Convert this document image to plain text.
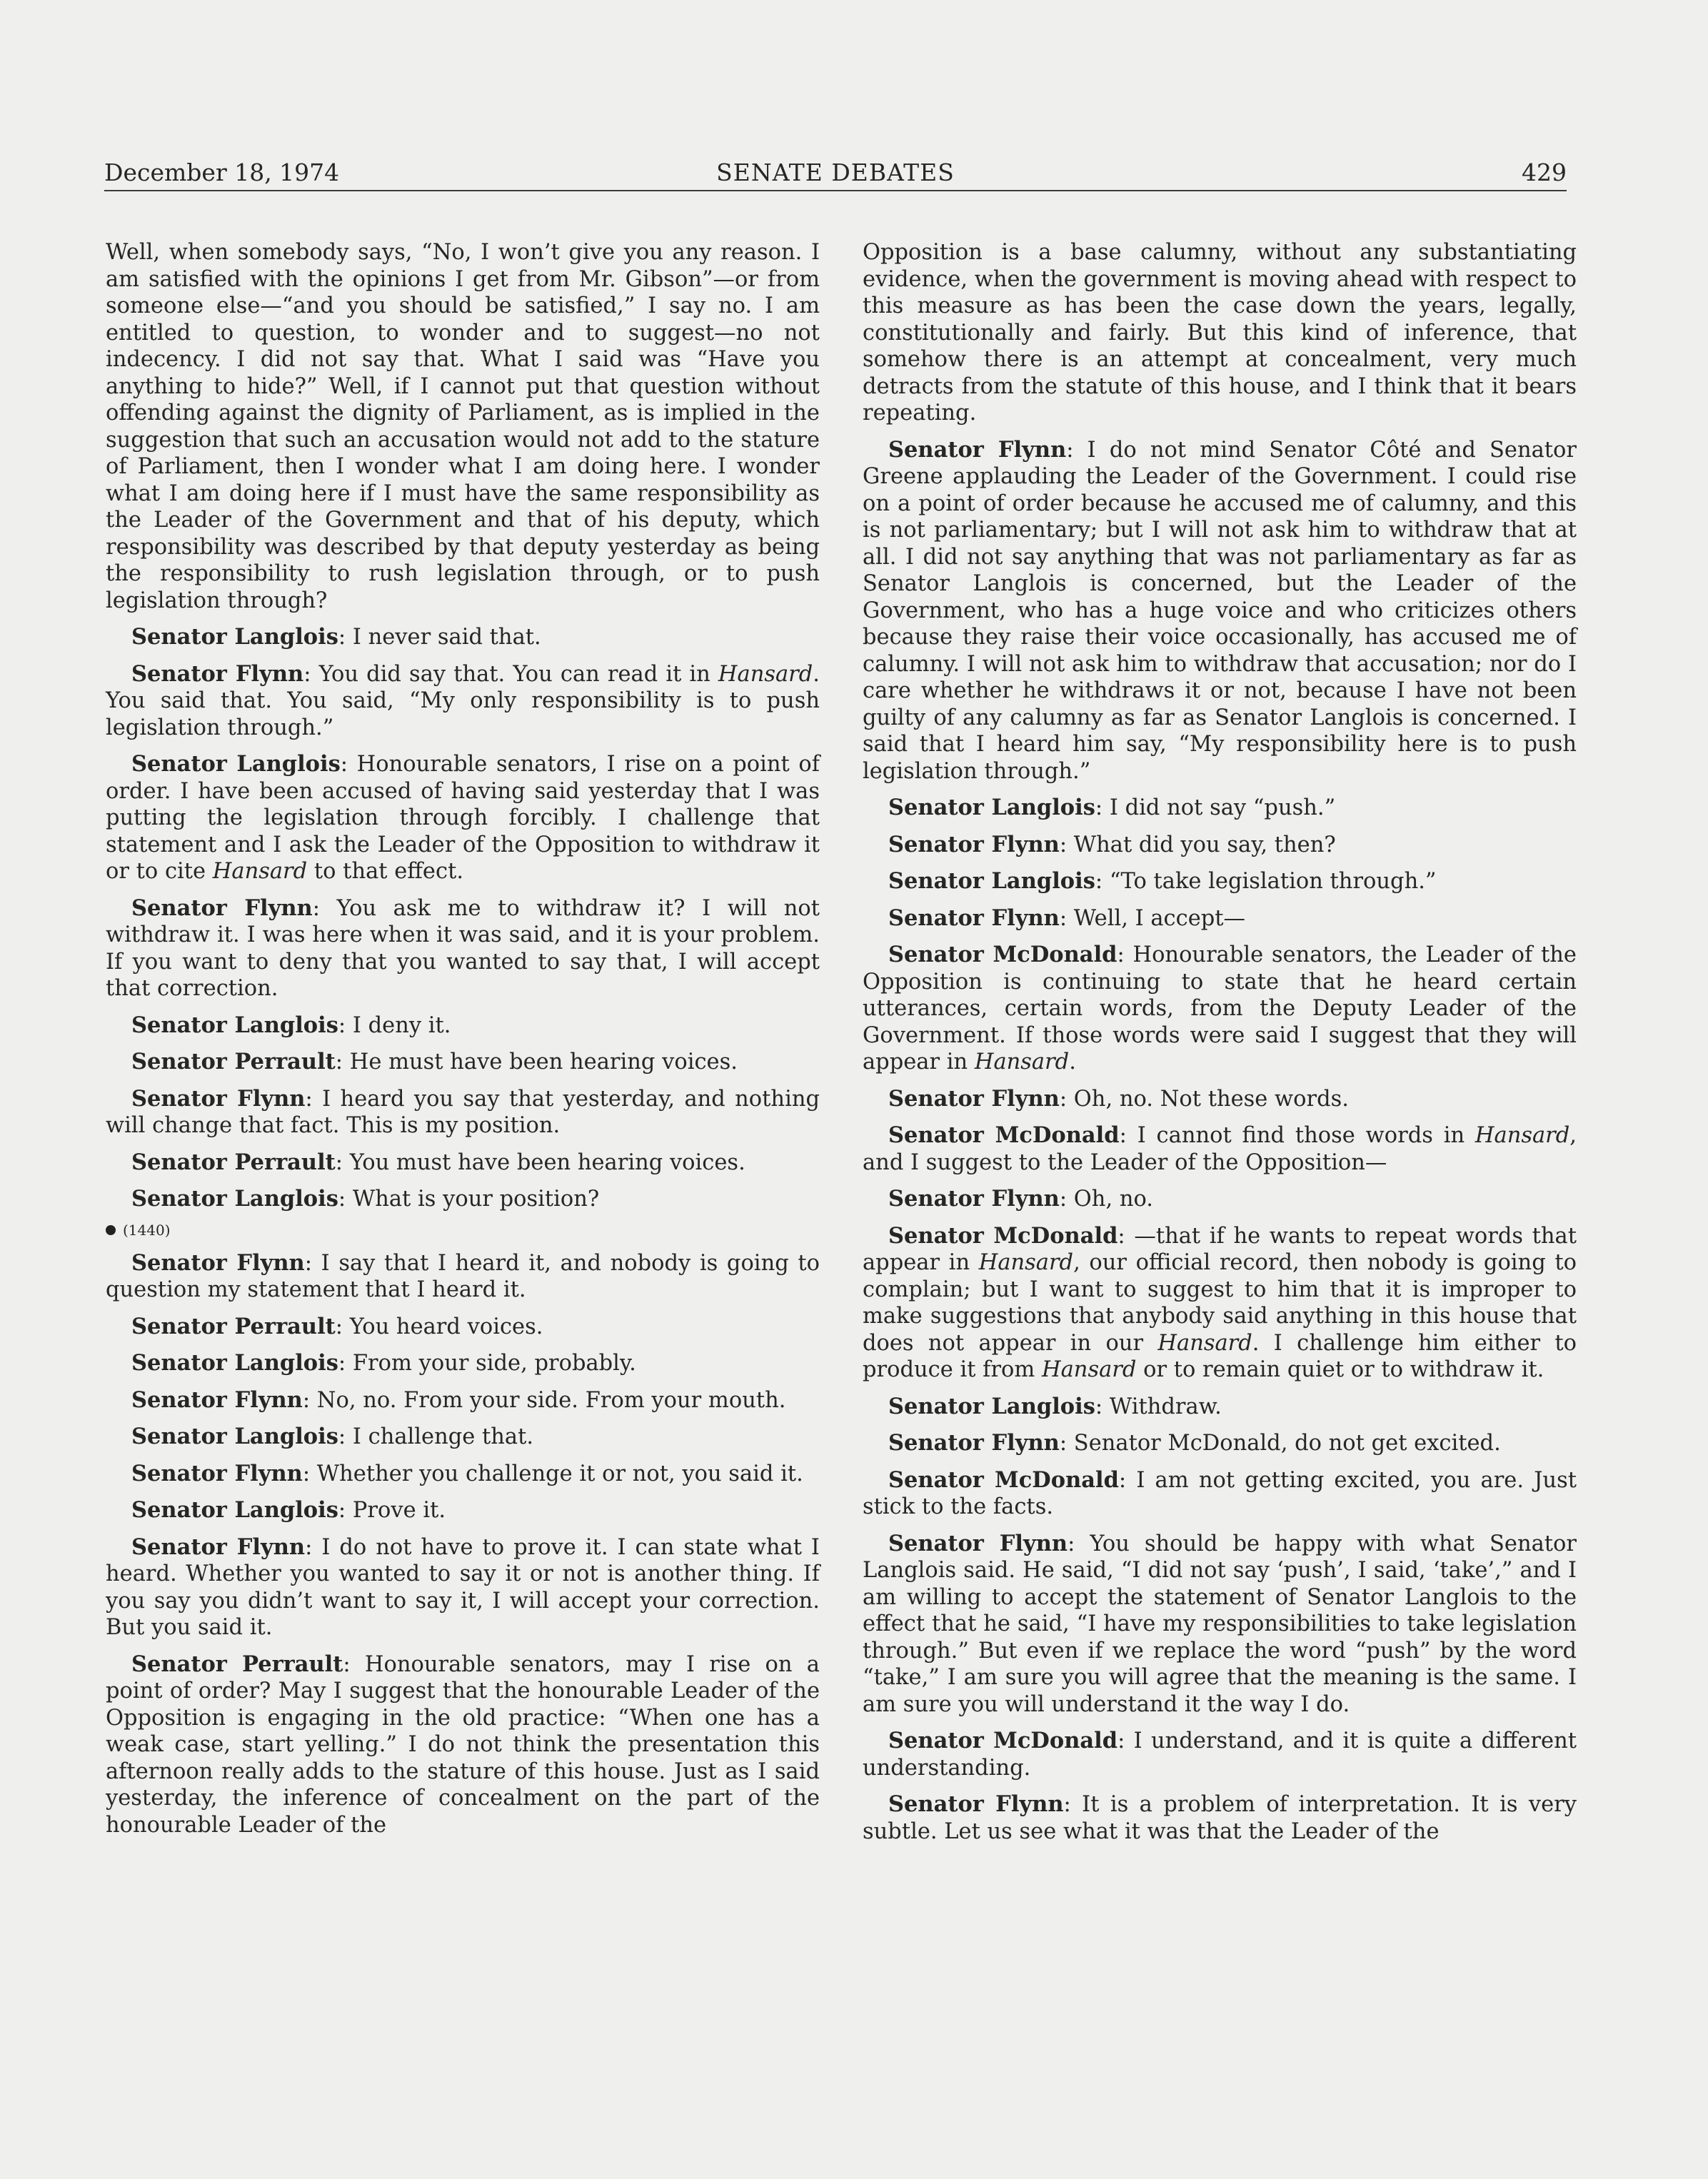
December 18, 1974	SENATE DEBATES	429

Well, when somebody says, “No, I won’t give you any reason. I am satisfied with the opinions I get from Mr. Gibson”—or from someone else—“and you should be satisfied,” I say no. I am entitled to question, to wonder and to suggest—no not indecency. I did not say that. What I said was “Have you anything to hide?” Well, if I cannot put that question without offending against the dignity of Parliament, as is implied in the suggestion that such an accusation would not add to the stature of Parliament, then I wonder what I am doing here. I wonder what I am doing here if I must have the same responsibility as the Leader of the Government and that of his deputy, which responsibility was described by that deputy yesterday as being the responsibility to rush legislation through, or to push legislation through?

Senator Langlois : I never said that.

Senator Flynn : You did say that. You can read it in Hansard. You said that. You said, “My only responsibility is to push legislation through.”

Senator Langlois : Honourable senators, I rise on a point of order. I have been accused of having said yesterday that I was putting the legislation through forcibly. I challenge that statement and I ask the Leader of the Opposition to withdraw it or to cite Hansard to that effect.

Senator Flynn : You ask me to withdraw it? I will not withdraw it. I was here when it was said, and it is your problem. If you want to deny that you wanted to say that, I will accept that correction.

Senator Langlois : I deny it.

Senator Perrault : He must have been hearing voices.

Senator Flynn : I heard you say that yesterday, and nothing will change that fact. This is my position.

Senator Perrault : You must have been hearing voices.

Senator Langlois : What is your position?

(1440)

Senator Flynn : I say that I heard it, and nobody is going to question my statement that I heard it.

Senator Perrault : You heard voices.

Senator Langlois : From your side, probably.

Senator Flynn : No, no. From your side. From your mouth.

Senator Langlois : I challenge that.

Senator Flynn : Whether you challenge it or not, you said it.

Senator Langlois : Prove it.

Senator Flynn : I do not have to prove it. I can state what I heard. Whether you wanted to say it or not is another thing. If you say you didn’t want to say it, I will accept your correction. But you said it.

Senator Perrault : Honourable senators, may I rise on a point of order? May I suggest that the honourable Leader of the Opposition is engaging in the old practice: “When one has a weak case, start yelling.” I do not think the presentation this afternoon really adds to the stature of this house. Just as I said yesterday, the inference of concealment on the part of the honourable Leader of the

Opposition is a base calumny, without any substantiating evidence, when the government is moving ahead with respect to this measure as has been the case down the years, legally, constitutionally and fairly. But this kind of inference, that somehow there is an attempt at concealment, very much detracts from the statute of this house, and I think that it bears repeating.

Senator Flynn : I do not mind Senator Côté and Senator Greene applauding the Leader of the Government. I could rise on a point of order because he accused me of calumny, and this is not parliamentary; but I will not ask him to withdraw that at all. I did not say anything that was not parliamentary as far as Senator Langlois is concerned, but the Leader of the Government, who has a huge voice and who criticizes others because they raise their voice occasionally, has accused me of calumny. I will not ask him to withdraw that accusation; nor do I care whether he withdraws it or not, because I have not been guilty of any calumny as far as Senator Langlois is concerned. I said that I heard him say, “My responsibility here is to push legislation through.”

Senator Langlois : I did not say “push.”

Senator Flynn : What did you say, then?

Senator Langlois : “To take legislation through.”

Senator Flynn : Well, I accept—

Senator McDonald : Honourable senators, the Leader of the Opposition is continuing to state that he heard certain utterances, certain words, from the Deputy Leader of the Government. If those words were said I suggest that they will appear in Hansard.

Senator Flynn : Oh, no. Not these words.

Senator McDonald : I cannot find those words in Hansard, and I suggest to the Leader of the Opposition—

Senator Flynn : Oh, no.

Senator McDonald : —that if he wants to repeat words that appear in Hansard, our official record, then nobody is going to complain; but I want to suggest to him that it is improper to make suggestions that anybody said anything in this house that does not appear in our Hansard. I challenge him either to produce it from Hansard or to remain quiet or to withdraw it.

Senator Langlois : Withdraw.

Senator Flynn : Senator McDonald, do not get excited.

Senator McDonald : I am not getting excited, you are. Just stick to the facts.

Senator Flynn : You should be happy with what Senator Langlois said. He said, “I did not say ‘push’, I said, ‘take’,” and I am willing to accept the statement of Senator Langlois to the effect that he said, “I have my responsibilities to take legislation through.” But even if we replace the word “push” by the word “take,” I am sure you will agree that the meaning is the same. I am sure you will understand it the way I do.

Senator McDonald : I understand, and it is quite a different understanding.

Senator Flynn : It is a problem of interpretation. It is very subtle. Let us see what it was that the Leader of the
